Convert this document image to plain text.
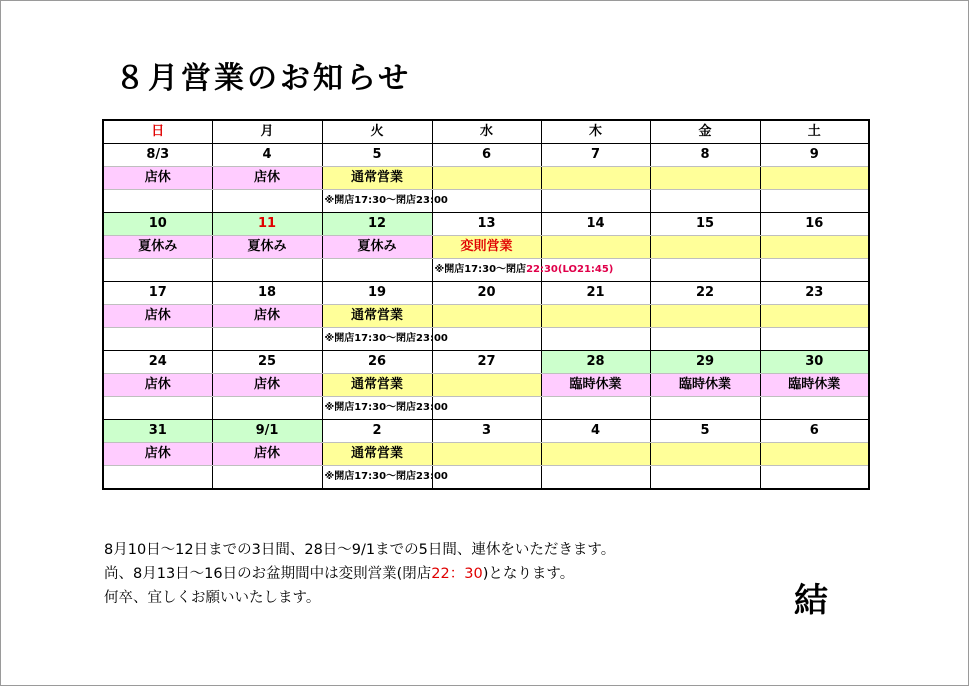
８月営業のお知らせ
日	月	火	水	木	金	土
8/3	4	5	6	7	8	9
店休	店休	通常営業				

		※開店17:30～閉店23:00				

10	11	12	13	14	15	16
夏休み	夏休み	夏休み	変則営業			

			※開店17:30～閉店22:30(LO21:45)			

17	18	19	20	21	22	23
店休	店休	通常営業				

		※開店17:30～閉店23:00				

24	25	26	27	28	29	30
店休	店休	通常営業		臨時休業	臨時休業	臨時休業

		※開店17:30～閉店23:00				

31	9/1	2	3	4	5	6
店休	店休	通常営業				

		※開店17:30～閉店23:00				

8月10日～12日までの3日間、28日～9/1までの5日間、連休をいただきます。
尚、8月13日～16日のお盆期間中は変則営業(閉店22：30)となります。
何卒、宜しくお願いいたします。	結
